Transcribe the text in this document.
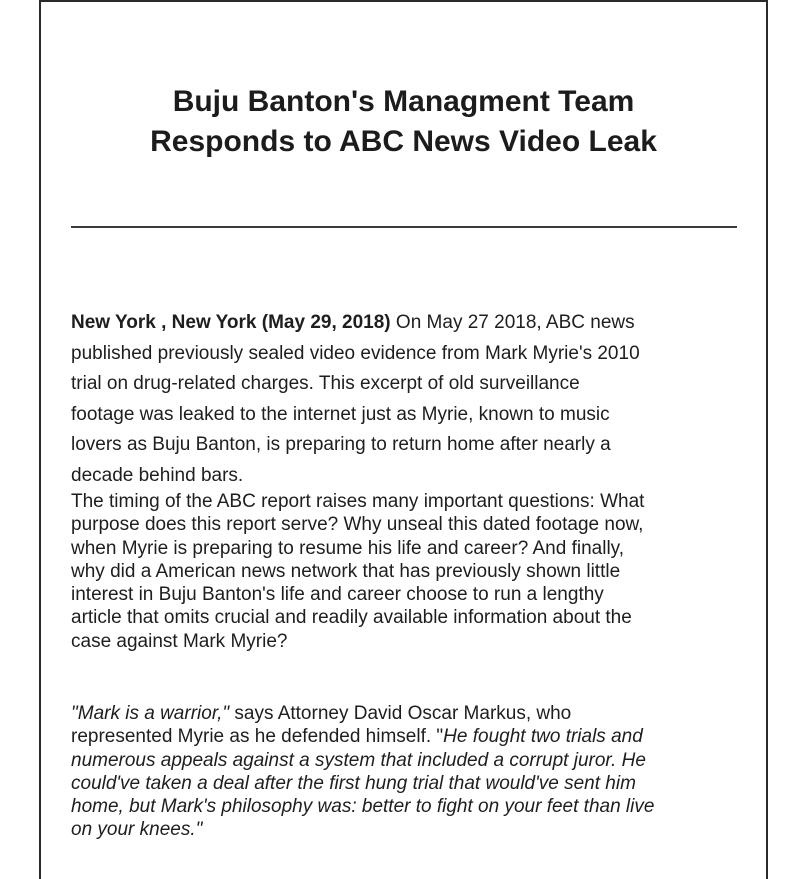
Buju Banton's Managment Team
Responds to ABC News Video Leak

New York , New York (May 29, 2018) On May 27 2018, ABC news
published previously sealed video evidence from Mark Myrie's 2010
trial on drug-related charges. This excerpt of old surveillance
footage was leaked to the internet just as Myrie, known to music
lovers as Buju Banton, is preparing to return home after nearly a
decade behind bars.

The timing of the ABC report raises many important questions: What
purpose does this report serve? Why unseal this dated footage now,
when Myrie is preparing to resume his life and career? And finally,
why did a American news network that has previously shown little
interest in Buju Banton's life and career choose to run a lengthy
article that omits crucial and readily available information about the
case against Mark Myrie?

"Mark is a warrior," says Attorney David Oscar Markus, who
represented Myrie as he defended himself. "He fought two trials and
numerous appeals against a system that included a corrupt juror. He
could've taken a deal after the first hung trial that would've sent him
home, but Mark's philosophy was: better to fight on your feet than live
on your knees."
